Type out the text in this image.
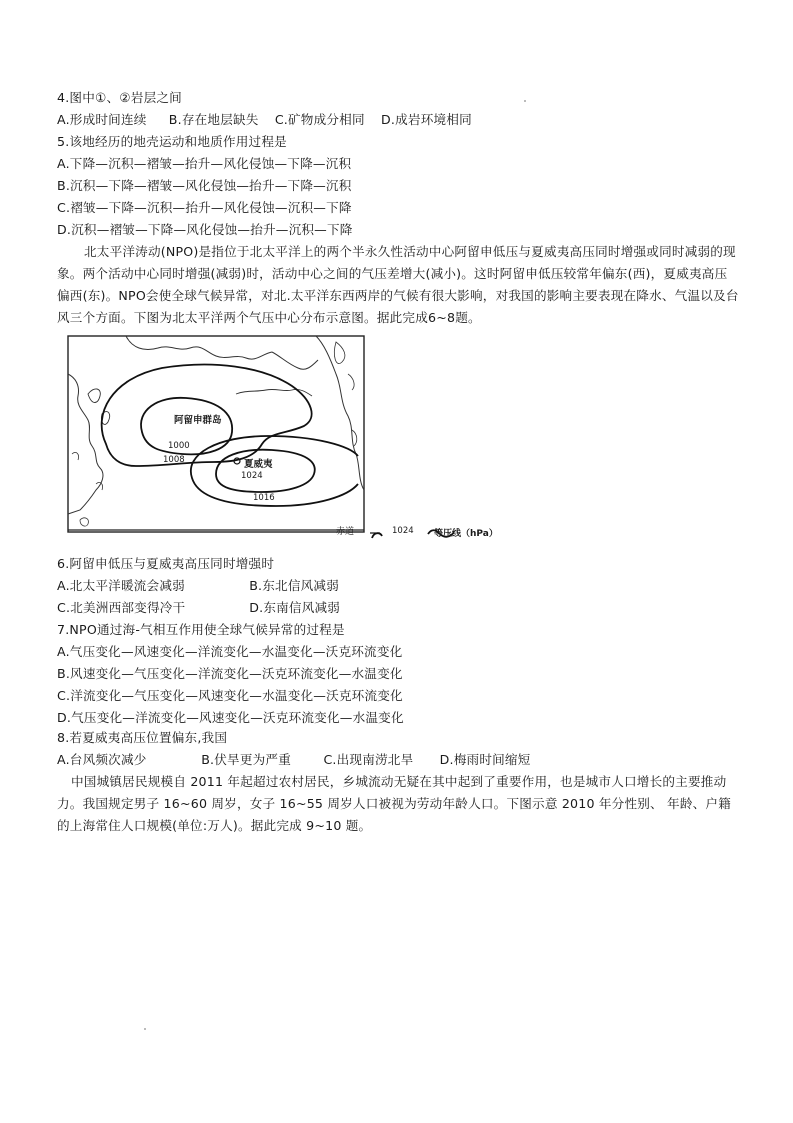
4.图中①、②岩层之间
A.形成时间连续 B.存在地层缺失 C.矿物成分相同 D.成岩环境相同
5.该地经历的地壳运动和地质作用过程是
A.下降—沉积—褶皱—抬升—风化侵蚀—下降—沉积
B.沉积—下降—褶皱—风化侵蚀—抬升—下降—沉积
C.褶皱—下降—沉积—抬升—风化侵蚀—沉积—下降
D.沉积—褶皱—下降—风化侵蚀—抬升—沉积—下降
北太平洋涛动(NPO)是指位于北太平洋上的两个半永久性活动中心阿留申低压与夏威夷高压同时增强或同时减弱的现象。两个活动中心同时增强(减弱)时，活动中心之间的气压差增大(减小)。这时阿留申低压较常年偏东(西)，夏威夷高压偏西(东)。NPO会使全球气候异常，对北.太平洋东西两岸的气候有很大影响，对我国的影响主要表现在降水、气温以及台风三个方面。下图为北太平洋两个气压中心分布示意图。据此完成6~8题。
阿留申群岛
1000
1008	夏威夷
1024
1016
赤道	1024 等压线（hPa）
6.阿留申低压与夏威夷高压同时增强时
A.北太平洋暖流会减弱	B.东北信风减弱
C.北美洲西部变得冷干	D.东南信风减弱
7.NPO通过海-气相互作用使全球气候异常的过程是
A.气压变化—风速变化—洋流变化—水温变化—沃克环流变化
B.风速变化—气压变化—洋流变化—沃克环流变化—水温变化
C.洋流变化—气压变化—风速变化—水温变化—沃克环流变化
D.气压变化—洋流变化—风速变化—沃克环流变化—水温变化
8.若夏威夷高压位置偏东,我国
A.台风频次减少	B.伏旱更为严重	C.出现南涝北旱 D.梅雨时间缩短
中国城镇居民规模自 2011 年起超过农村居民，乡城流动无疑在其中起到了重要作用，也是城市人口增长的主要推动力。我国规定男子 16~60 周岁，女子 16~55 周岁人口被视为劳动年龄人口。下图示意 2010 年分性别、 年龄、户籍的上海常住人口规模(单位:万人)。据此完成 9~10 题。
